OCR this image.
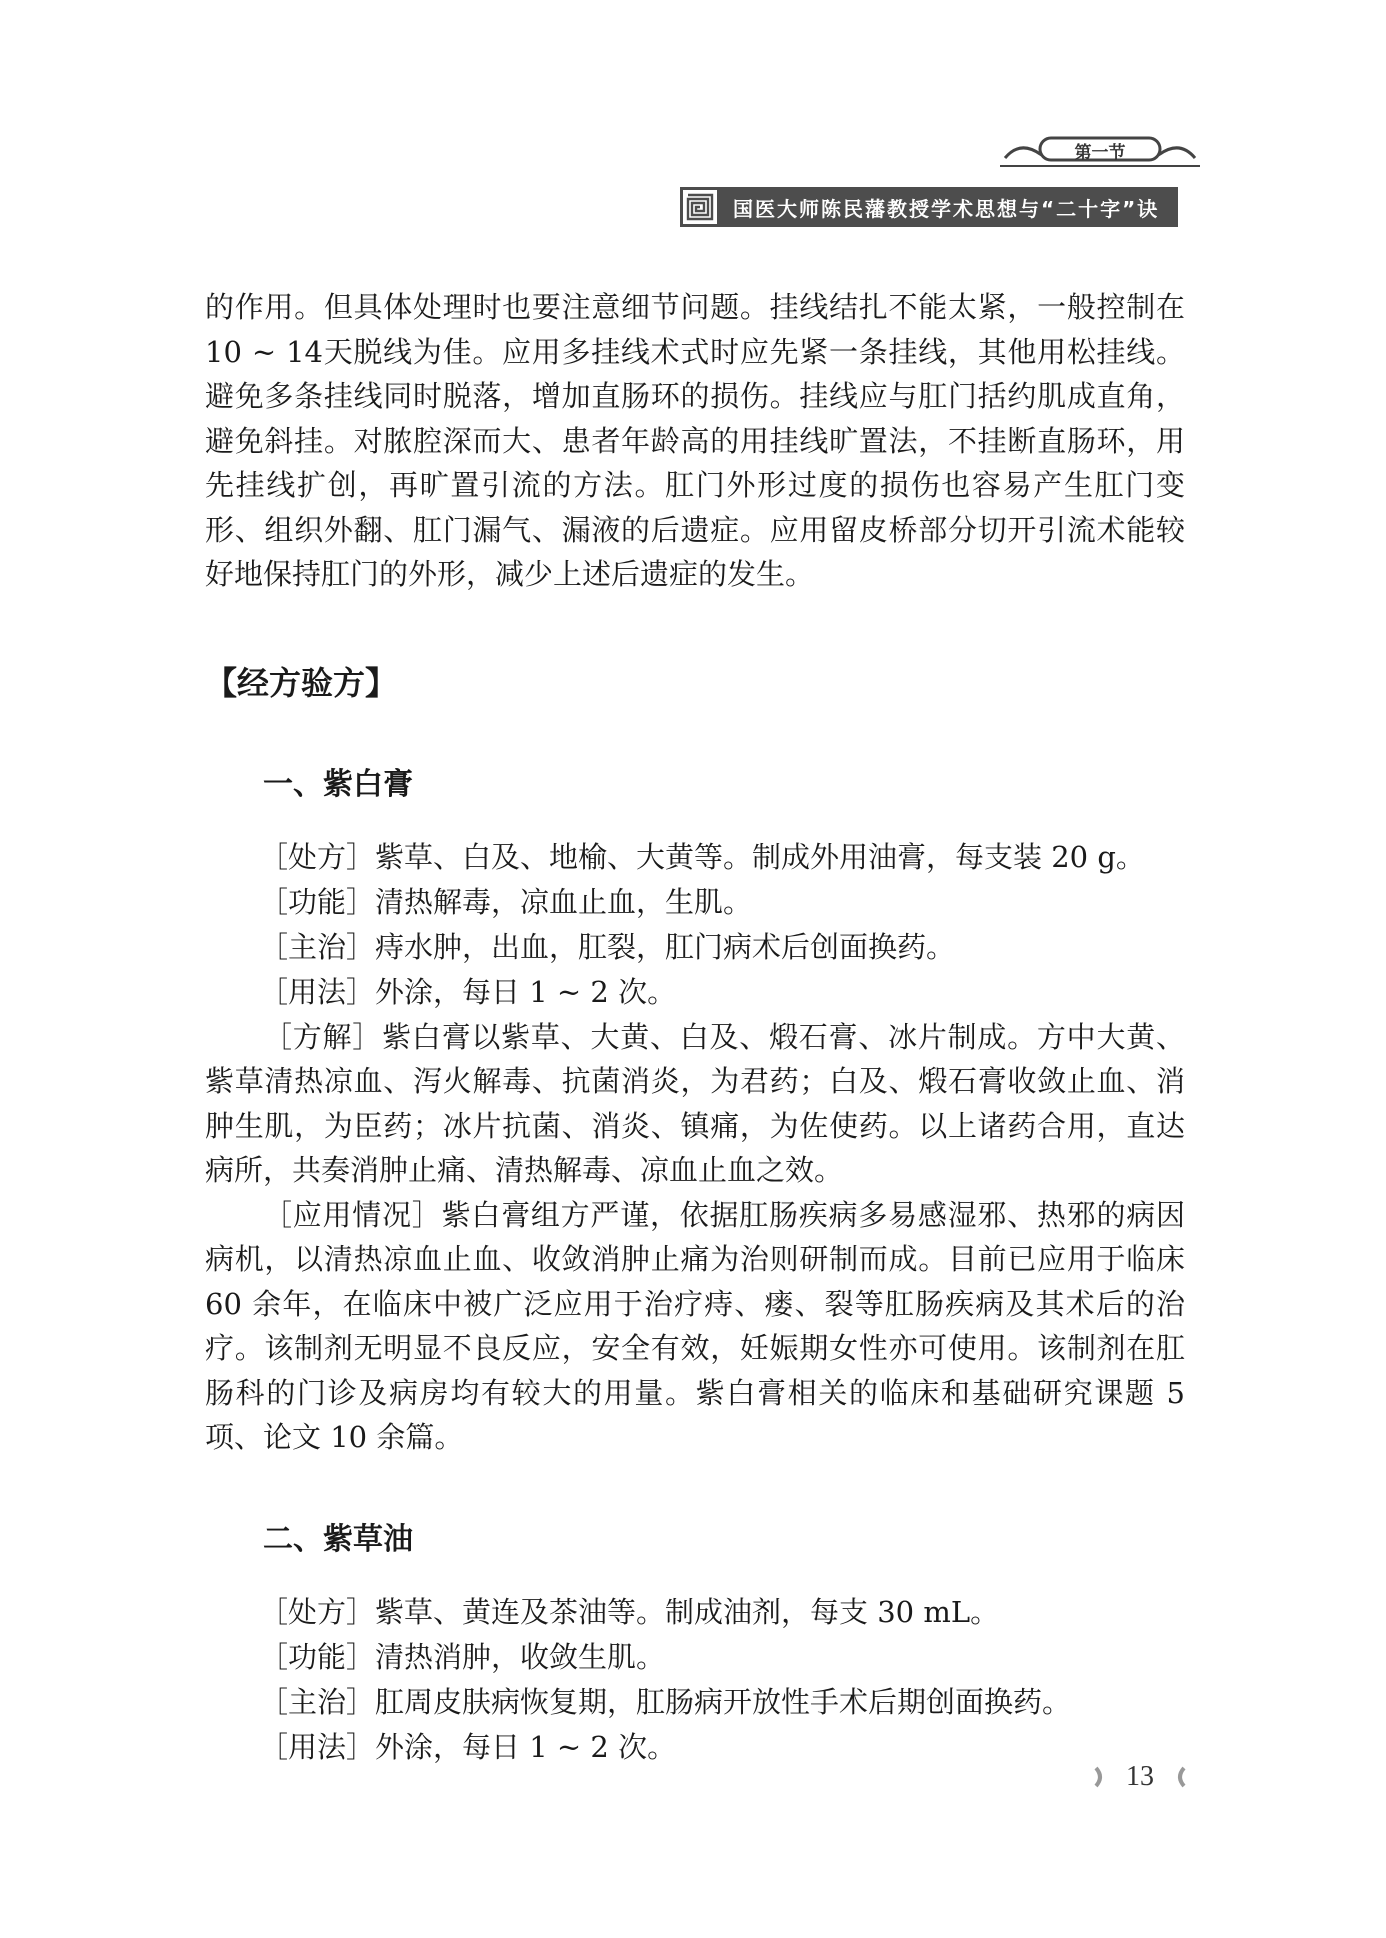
第一节
国医大师陈民藩教授学术思想与“二十字”诀

的作用。但具体处理时也要注意细节问题。挂线结扎不能太紧，一般控制在10 ~ 14天脱线为佳。应用多挂线术式时应先紧一条挂线，其他用松挂线。避免多条挂线同时脱落，增加直肠环的损伤。挂线应与肛门括约肌成直角，避免斜挂。对脓腔深而大、患者年龄高的用挂线旷置法，不挂断直肠环，用先挂线扩创，再旷置引流的方法。肛门外形过度的损伤也容易产生肛门变形、组织外翻、肛门漏气、漏液的后遗症。应用留皮桥部分切开引流术能较好地保持肛门的外形，减少上述后遗症的发生。

【经方验方】
一、紫白膏

［处方］紫草、白及、地榆、大黄等。制成外用油膏，每支装 20 g。

［功能］清热解毒，凉血止血，生肌。

［主治］痔水肿，出血，肛裂，肛门病术后创面换药。

［用法］外涂，每日 1 ~ 2 次。

［方解］紫白膏以紫草、大黄、白及、煅石膏、冰片制成。方中大黄、紫草清热凉血、泻火解毒、抗菌消炎，为君药；白及、煅石膏收敛止血、消肿生肌，为臣药；冰片抗菌、消炎、镇痛，为佐使药。以上诸药合用，直达病所，共奏消肿止痛、清热解毒、凉血止血之效。

［应用情况］紫白膏组方严谨，依据肛肠疾病多易感湿邪、热邪的病因病机，以清热凉血止血、收敛消肿止痛为治则研制而成。目前已应用于临床 60 余年，在临床中被广泛应用于治疗痔、瘘、裂等肛肠疾病及其术后的治疗。该制剂无明显不良反应，安全有效，妊娠期女性亦可使用。该制剂在肛肠科的门诊及病房均有较大的用量。紫白膏相关的临床和基础研究课题 5 项、论文 10 余篇。

二、紫草油

［处方］紫草、黄连及茶油等。制成油剂，每支 30 mL。

［功能］清热消肿，收敛生肌。

［主治］肛周皮肤病恢复期，肛肠病开放性手术后期创面换药。

［用法］外涂，每日 1 ~ 2 次。

13
